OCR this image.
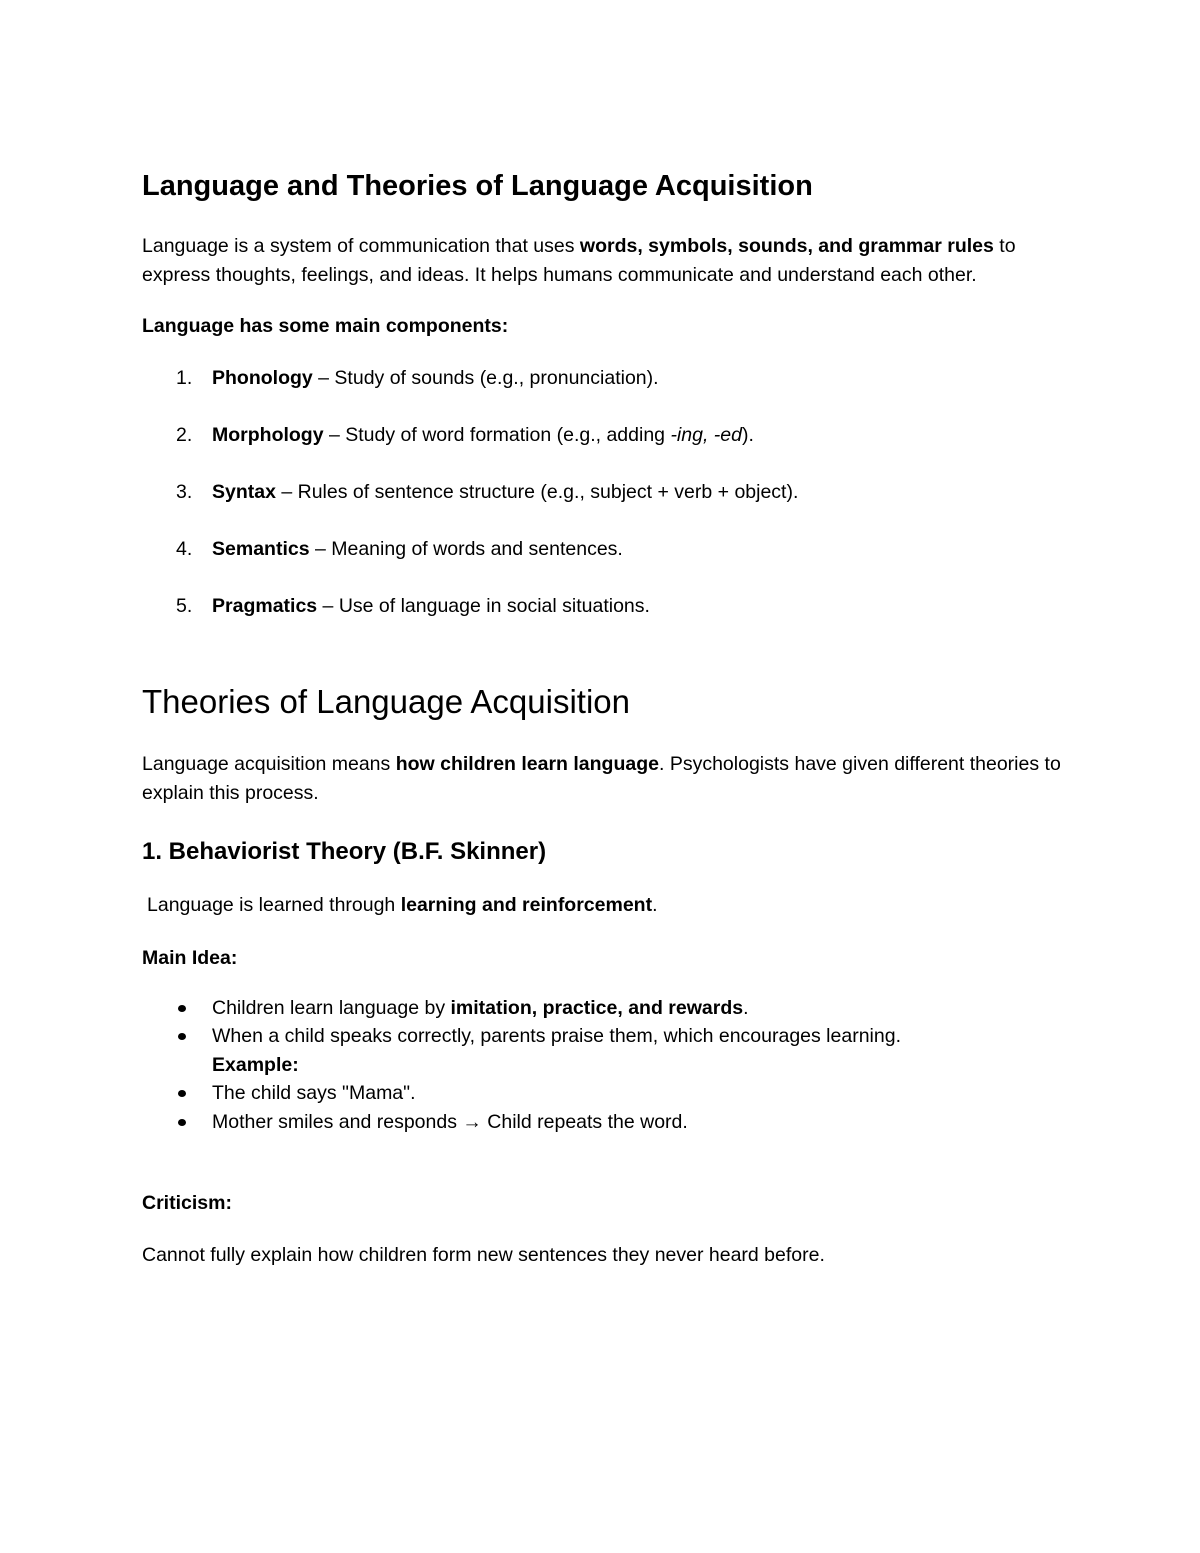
Language and Theories of Language Acquisition

Language is a system of communication that uses words, symbols, sounds, and grammar rules to express thoughts, feelings, and ideas. It helps humans communicate and understand each other.

Language has some main components:

1. Phonology – Study of sounds (e.g., pronunciation).
2. Morphology – Study of word formation (e.g., adding -ing, -ed).
3. Syntax – Rules of sentence structure (e.g., subject + verb + object).
4. Semantics – Meaning of words and sentences.
5. Pragmatics – Use of language in social situations.
Theories of Language Acquisition

Language acquisition means how children learn language. Psychologists have given different theories to explain this process.

1. Behaviorist Theory (B.F. Skinner)

Language is learned through learning and reinforcement.

Main Idea:

Children learn language by imitation, practice, and rewards.
When a child speaks correctly, parents praise them, which encourages learning.
Example:
The child says "Mama".
Mother smiles and responds → Child repeats the word.

Criticism:

Cannot fully explain how children form new sentences they never heard before.
